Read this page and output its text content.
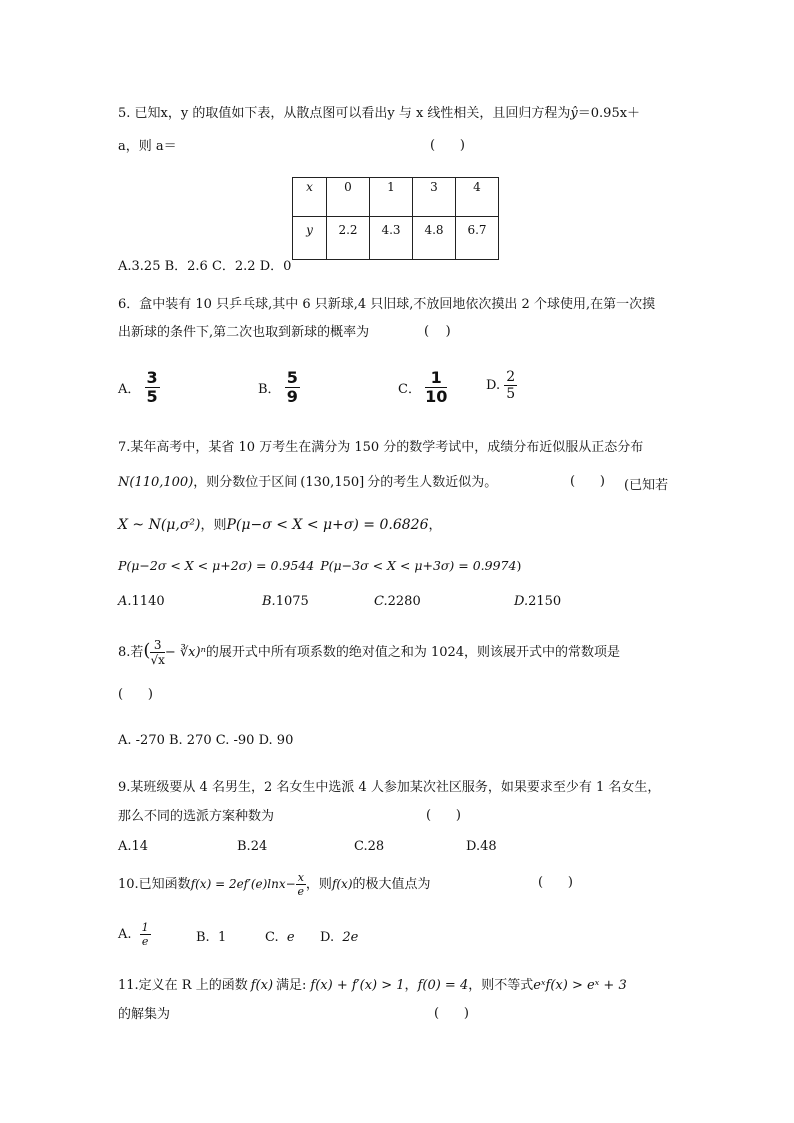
5. 已知x，y 的取值如下表，从散点图可以看出y 与 x 线性相关，且回归方程为ŷ＝0.95x＋
a，则 a＝	(      )
x	0	1	3	4
y	2.2	4.3	4.8	6.7
A.3.25 B．2.6 C．2.2 D．0
6．盒中装有 10 只乒乓球,其中 6 只新球,4 只旧球,不放回地依次摸出 2 个球使用,在第一次摸
出新球的条件下,第二次也取到新球的概率为	(    )
A． $\frac{3}{5}$	B． $\frac{5}{9}$	C． $\frac{1}{10}$	D. $\frac{2}{5}$
7.某年高考中，某省 10 万考生在满分为 150 分的数学考试中，成绩分布近似服从正态分布
N(110,100)，则分数位于区间 (130,150] 分的考生人数近似为。	(      ) (已知若
X ~ N(μ,σ²)，则P(μ−σ < X < μ+σ) = 0.6826，
P(μ−2σ < X < μ+2σ) = 0.9544 P(μ−3σ < X < μ+3σ) = 0.9974)
A.1140	B.1075	C.2280	D.2150
8.若( $\frac{3}{√x}$ − ∛x)ⁿ的展开式中所有项系数的绝对值之和为 1024，则该展开式中的常数项是
(      )
A. -270 B. 270 C. -90 D. 90
9.某班级要从 4 名男生，2 名女生中选派 4 人参加某次社区服务，如果要求至少有 1 名女生，
那么不同的选派方案种数为	(      )
A.14	B.24	C.28	D.48
10.已知函数$f(x) = 2ef'(e)\ln x- \frac{x}{e}$ ，则f(x)的极大值点为	(      )
A. $\frac{1}{e}$	B. 1	C. e D. 2e
11.定义在 R 上的函数 f(x) 满足: f(x) + f′(x) > 1，f(0) = 4，则不等式eˣf(x) > eˣ + 3
的解集为	(      )
